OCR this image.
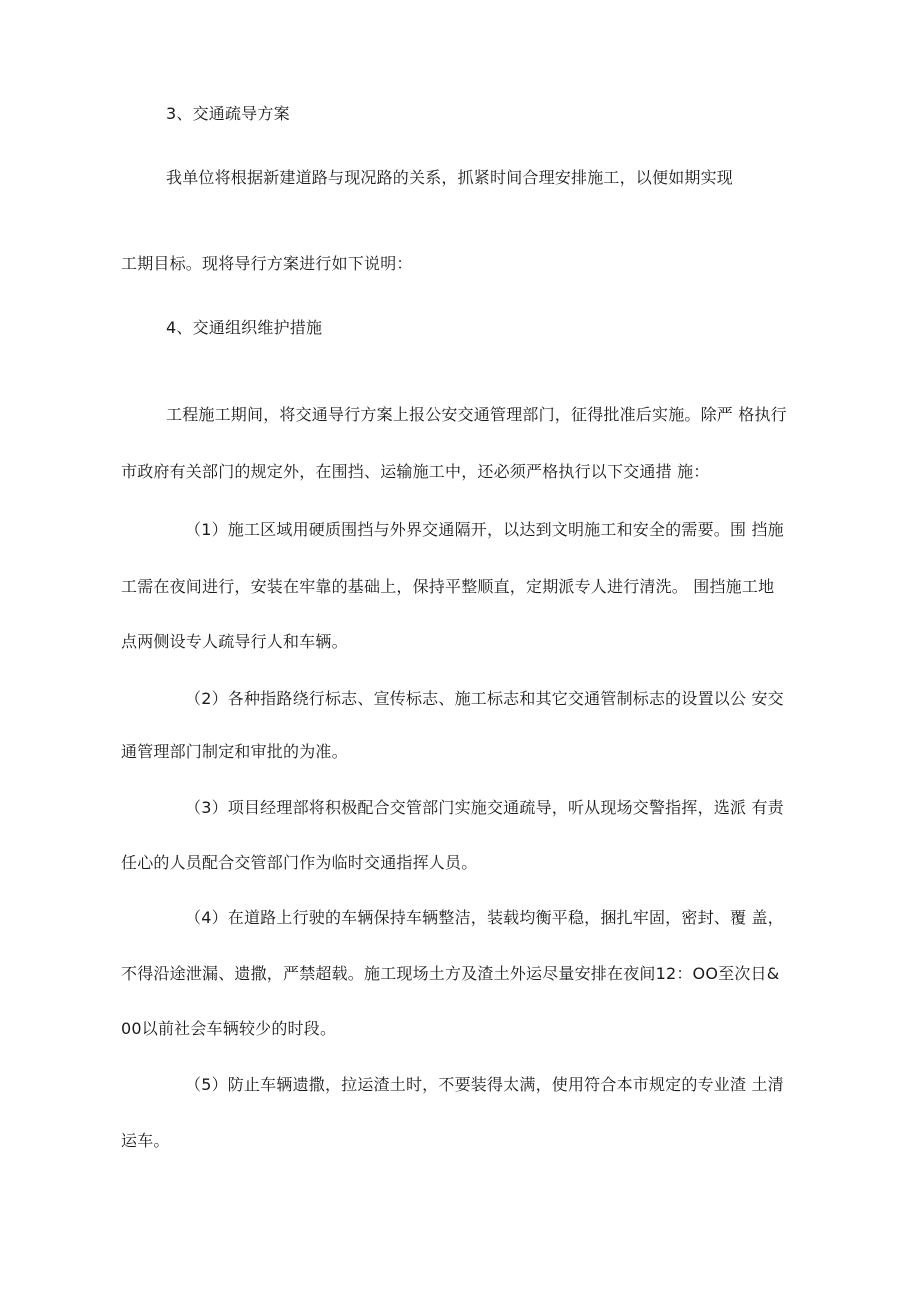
3、交通疏导方案
我单位将根据新建道路与现况路的关系，抓紧时间合理安排施工，以便如期实现
工期目标。现将导行方案进行如下说明：
4、交通组织维护措施
工程施工期间，将交通导行方案上报公安交通管理部门，征得批准后实施。除严 格执行
市政府有关部门的规定外，在围挡、运输施工中，还必须严格执行以下交通措 施：
（1）施工区域用硬质围挡与外界交通隔开，以达到文明施工和安全的需要。围 挡施
工需在夜间进行，安装在牢靠的基础上，保持平整顺直，定期派专人进行清洗。 围挡施工地
点两侧设专人疏导行人和车辆。
（2）各种指路绕行标志、宣传标志、施工标志和其它交通管制标志的设置以公 安交
通管理部门制定和审批的为准。
（3）项目经理部将积极配合交管部门实施交通疏导，听从现场交警指挥，选派 有责
任心的人员配合交管部门作为临时交通指挥人员。
（4）在道路上行驶的车辆保持车辆整洁，装载均衡平稳，捆扎牢固，密封、覆 盖，
不得沿途泄漏、遗撒，严禁超载。施工现场土方及渣土外运尽量安排在夜间12：OO至次日&
00以前社会车辆较少的时段。
（5）防止车辆遗撒，拉运渣土时，不要装得太满，使用符合本市规定的专业渣 土清
运车。
